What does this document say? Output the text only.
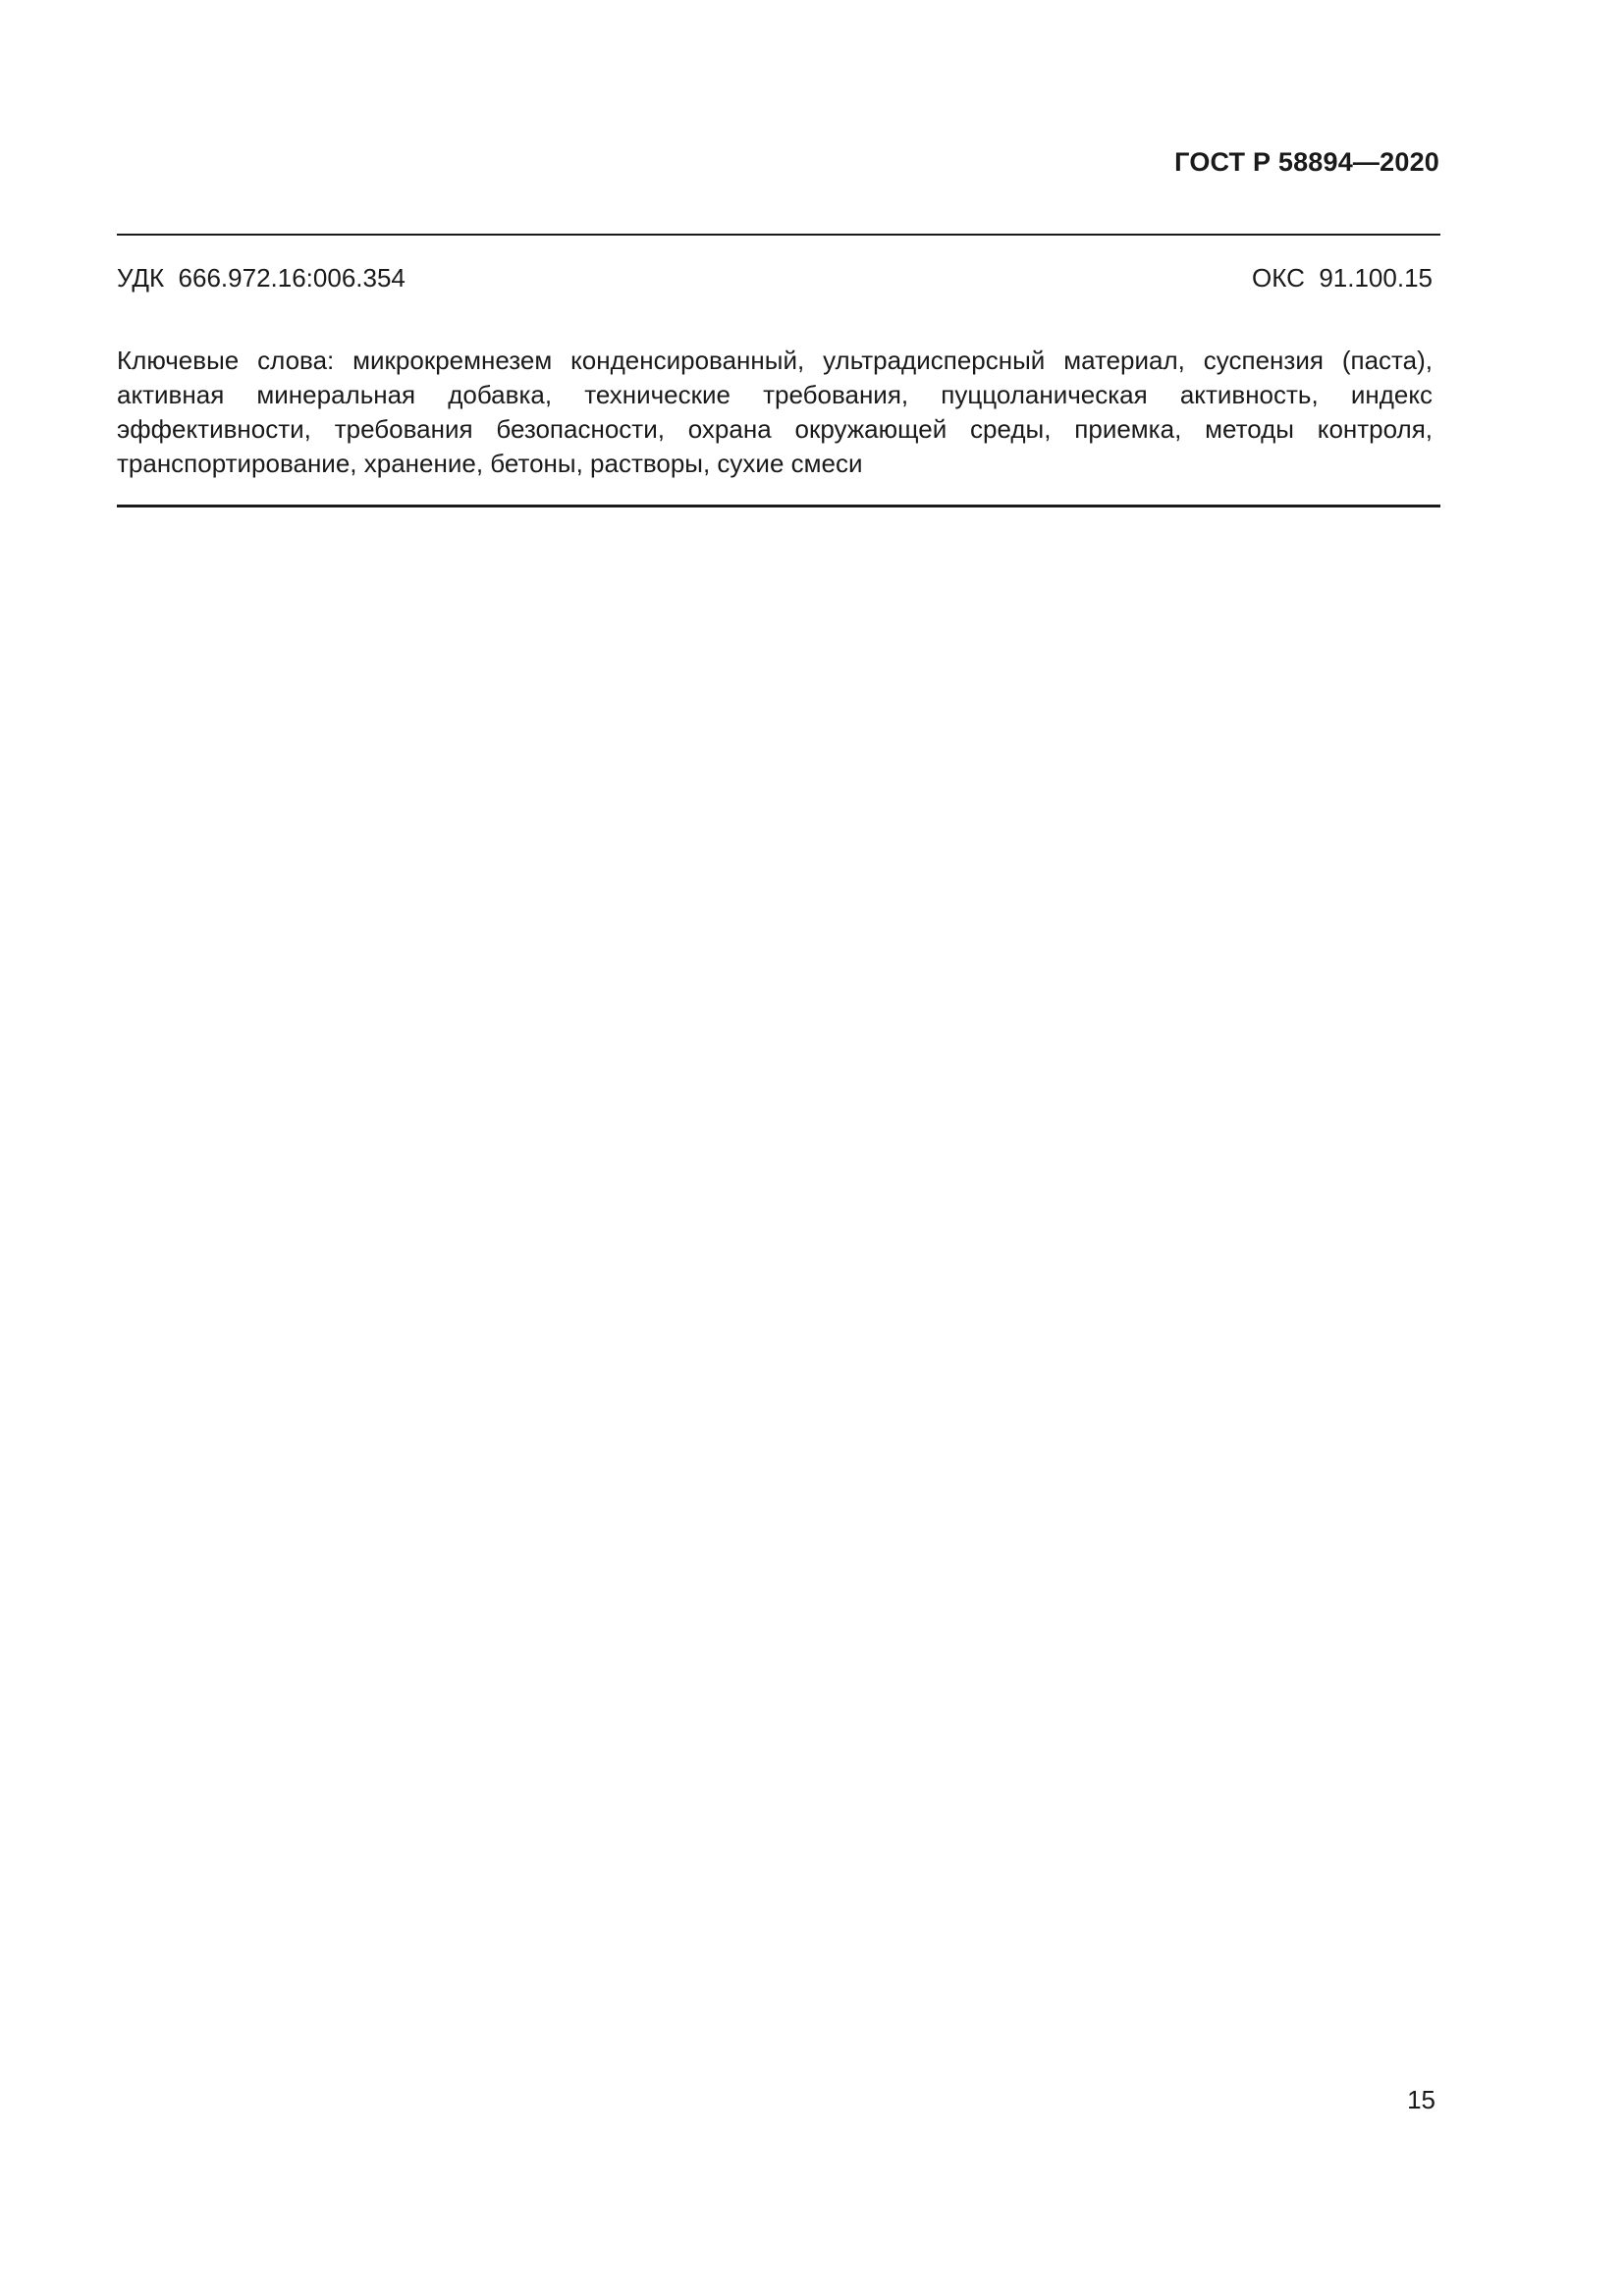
ГОСТ Р 58894—2020
УДК  666.972.16:006.354	ОКС  91.100.15
Ключевые слова: микрокремнезем конденсированный, ультрадисперсный материал, суспензия (паста), активная минеральная добавка, технические требования, пуццоланическая активность, индекс эффективности, требования безопасности, охрана окружающей среды, приемка, методы контроля, транспортирование, хранение, бетоны, растворы, сухие смеси
15
